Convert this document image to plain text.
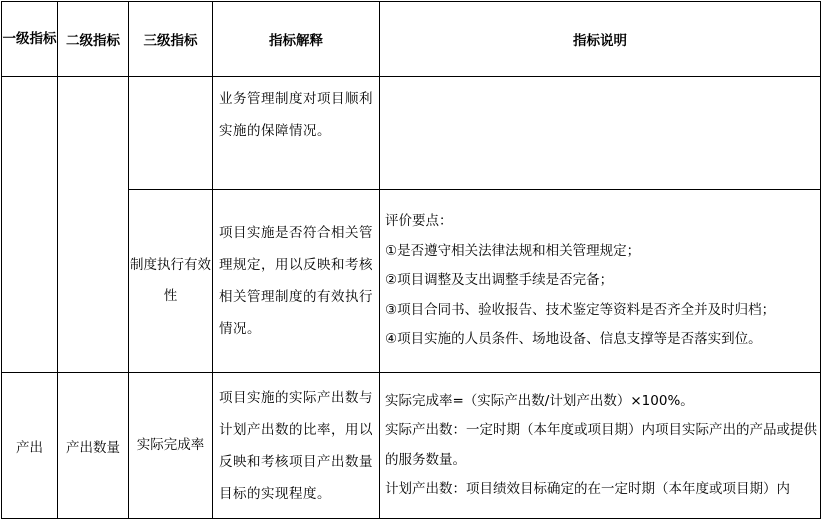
一级指标	二级指标	三级指标	指标解释	指标说明
			业务管理制度对项目顺利实施的保障情况。	
		制度执行有效性	项目实施是否符合相关管理规定，用以反映和考核相关管理制度的有效执行情况。	评价要点：
①是否遵守相关法律法规和相关管理规定；
②项目调整及支出调整手续是否完备；
③项目合同书、验收报告、技术鉴定等资料是否齐全并及时归档；
④项目实施的人员条件、场地设备、信息支撑等是否落实到位。

产出	产出数量	实际完成率	项目实施的实际产出数与计划产出数的比率，用以反映和考核项目产出数量目标的实现程度。	实际完成率=（实际产出数/计划产出数）×100%。
实际产出数：一定时期（本年度或项目期）内项目实际产出的产品或提供的服务数量。
计划产出数：项目绩效目标确定的在一定时期（本年度或项目期）内
